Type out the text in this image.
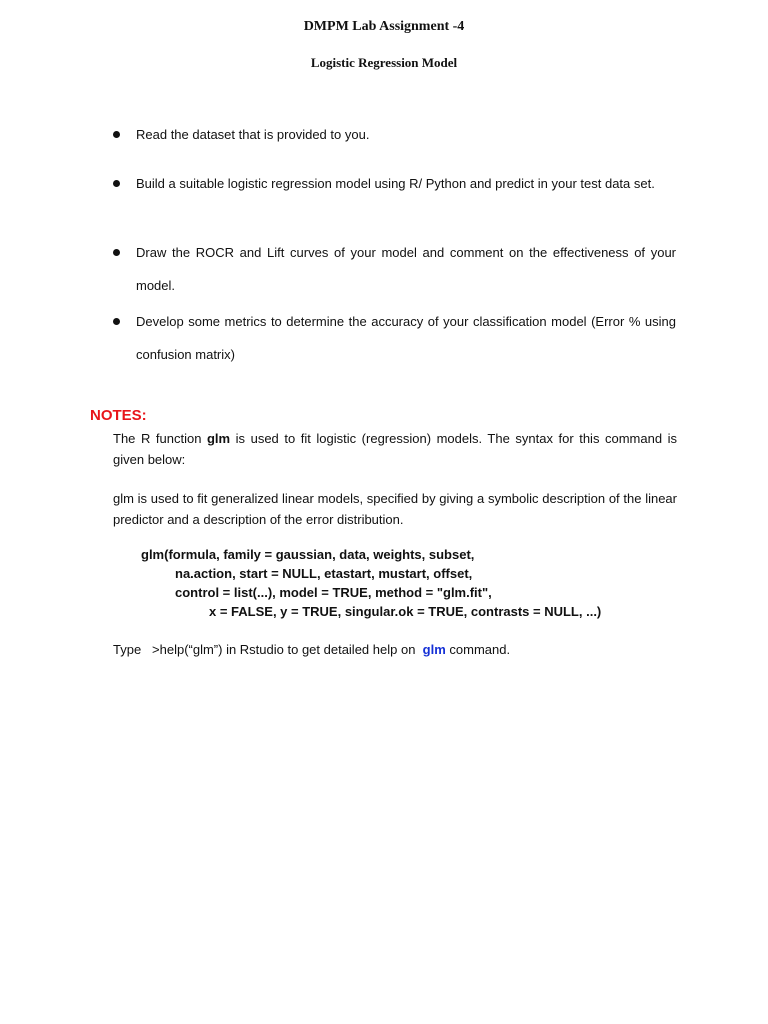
DMPM Lab Assignment -4
Logistic Regression Model
Read the dataset that is provided to you.
Build a suitable logistic regression model using R/ Python and predict in your test data set.
Draw the ROCR and Lift curves of your model and comment on the effectiveness of your model.
Develop some metrics to determine the accuracy of your classification model (Error % using confusion matrix)
NOTES:
The R function glm is used to fit logistic (regression) models. The syntax for this command is given below:
glm is used to fit generalized linear models, specified by giving a symbolic description of the linear predictor and a description of the error distribution.
glm(formula, family = gaussian, data, weights, subset,
na.action, start = NULL, etastart, mustart, offset,
control = list(...), model = TRUE, method = "glm.fit",
x = FALSE, y = TRUE, singular.ok = TRUE, contrasts = NULL, ...)
Type   >help(“glm”) in Rstudio to get detailed help on  glm command.
